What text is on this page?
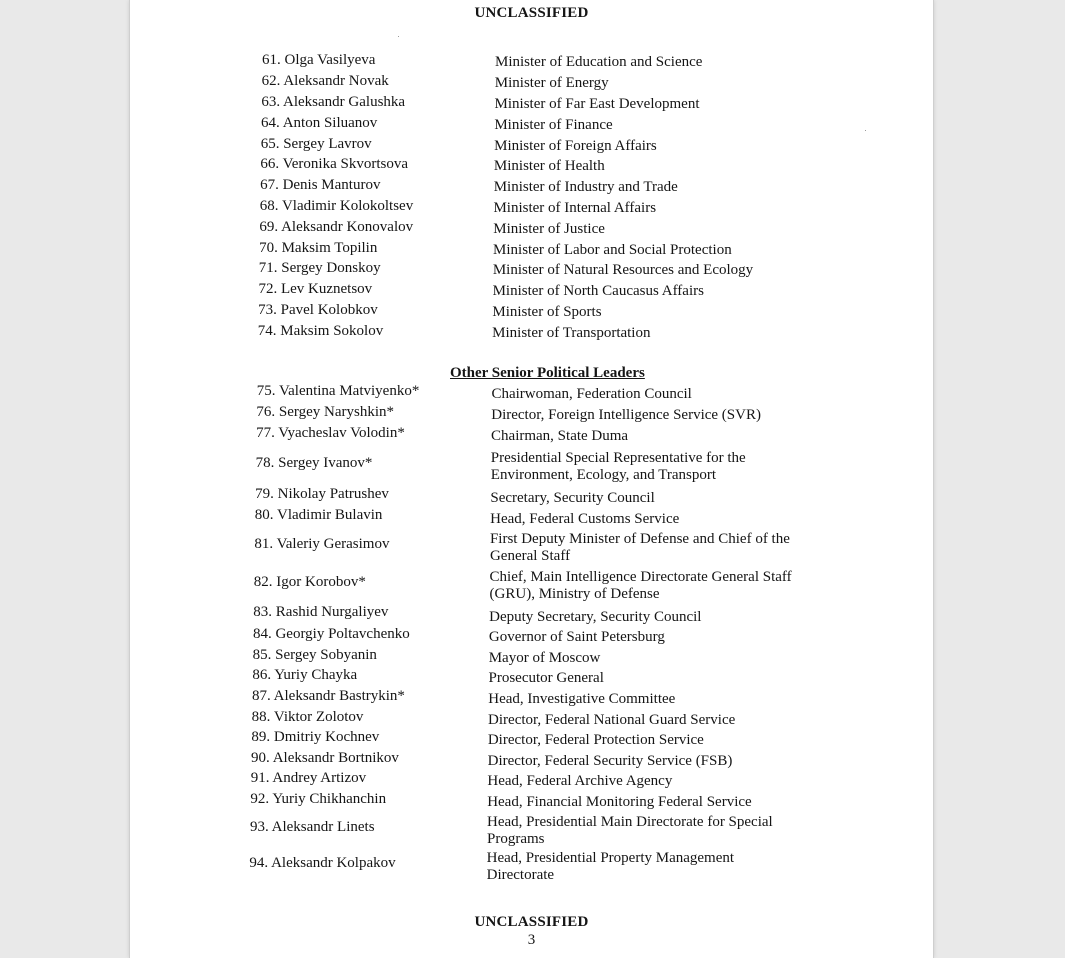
UNCLASSIFIED
Other Senior Political Leaders
UNCLASSIFIED
3
61. Olga Vasilyeva	Minister of Education and Science
62. Aleksandr Novak	Minister of Energy
63. Aleksandr Galushka	Minister of Far East Development
64. Anton Siluanov	Minister of Finance
65. Sergey Lavrov	Minister of Foreign Affairs
66. Veronika Skvortsova	Minister of Health
67. Denis Manturov	Minister of Industry and Trade
68. Vladimir Kolokoltsev	Minister of Internal Affairs
69. Aleksandr Konovalov	Minister of Justice
70. Maksim Topilin	Minister of Labor and Social Protection
71. Sergey Donskoy	Minister of Natural Resources and Ecology
72. Lev Kuznetsov	Minister of North Caucasus Affairs
73. Pavel Kolobkov	Minister of Sports
74. Maksim Sokolov	Minister of Transportation
75. Valentina Matviyenko*	Chairwoman, Federation Council
76. Sergey Naryshkin*	Director, Foreign Intelligence Service (SVR)
77. Vyacheslav Volodin*	Chairman, State Duma
78. Sergey Ivanov*	Presidential Special Representative for the
Environment, Ecology, and Transport
79. Nikolay Patrushev	Secretary, Security Council
80. Vladimir Bulavin	Head, Federal Customs Service
81. Valeriy Gerasimov	First Deputy Minister of Defense and Chief of the
General Staff
82. Igor Korobov*	Chief, Main Intelligence Directorate General Staff
(GRU), Ministry of Defense
83. Rashid Nurgaliyev	Deputy Secretary, Security Council
84. Georgiy Poltavchenko	Governor of Saint Petersburg
85. Sergey Sobyanin	Mayor of Moscow
86. Yuriy Chayka	Prosecutor General
87. Aleksandr Bastrykin*	Head, Investigative Committee
88. Viktor Zolotov	Director, Federal National Guard Service
89. Dmitriy Kochnev	Director, Federal Protection Service
90. Aleksandr Bortnikov	Director, Federal Security Service (FSB)
91. Andrey Artizov	Head, Federal Archive Agency
92. Yuriy Chikhanchin	Head, Financial Monitoring Federal Service
93. Aleksandr Linets	Head, Presidential Main Directorate for Special
Programs
94. Aleksandr Kolpakov	Head, Presidential Property Management
Directorate
